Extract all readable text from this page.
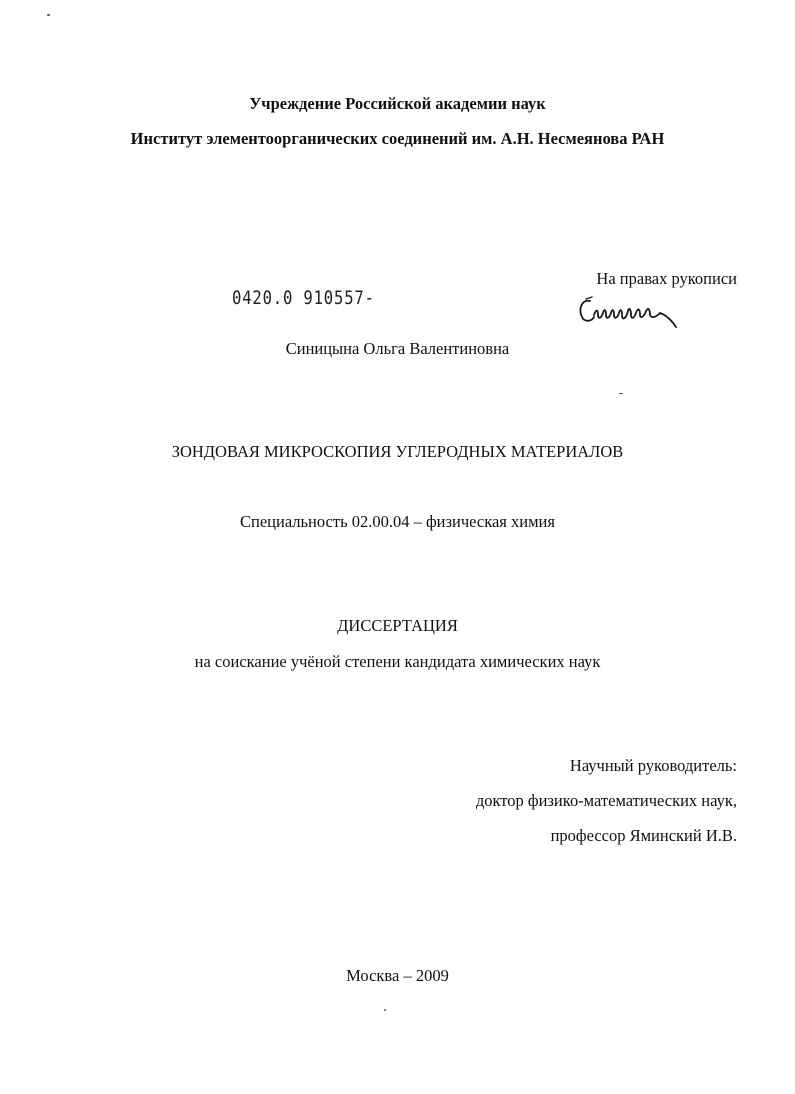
Учреждение Российской академии наук
Институт элементоорганических соединений им. А.Н. Несмеянова РАН
На правах рукописи
0420.0 910557-
Синицына Ольга Валентиновна
ЗОНДОВАЯ МИКРОСКОПИЯ УГЛЕРОДНЫХ МАТЕРИАЛОВ
Специальность 02.00.04 – физическая химия
ДИССЕРТАЦИЯ
на соискание учёной степени кандидата химических наук
Научный руководитель:
доктор физико-математических наук,
профессор Яминский И.В.
Москва – 2009
